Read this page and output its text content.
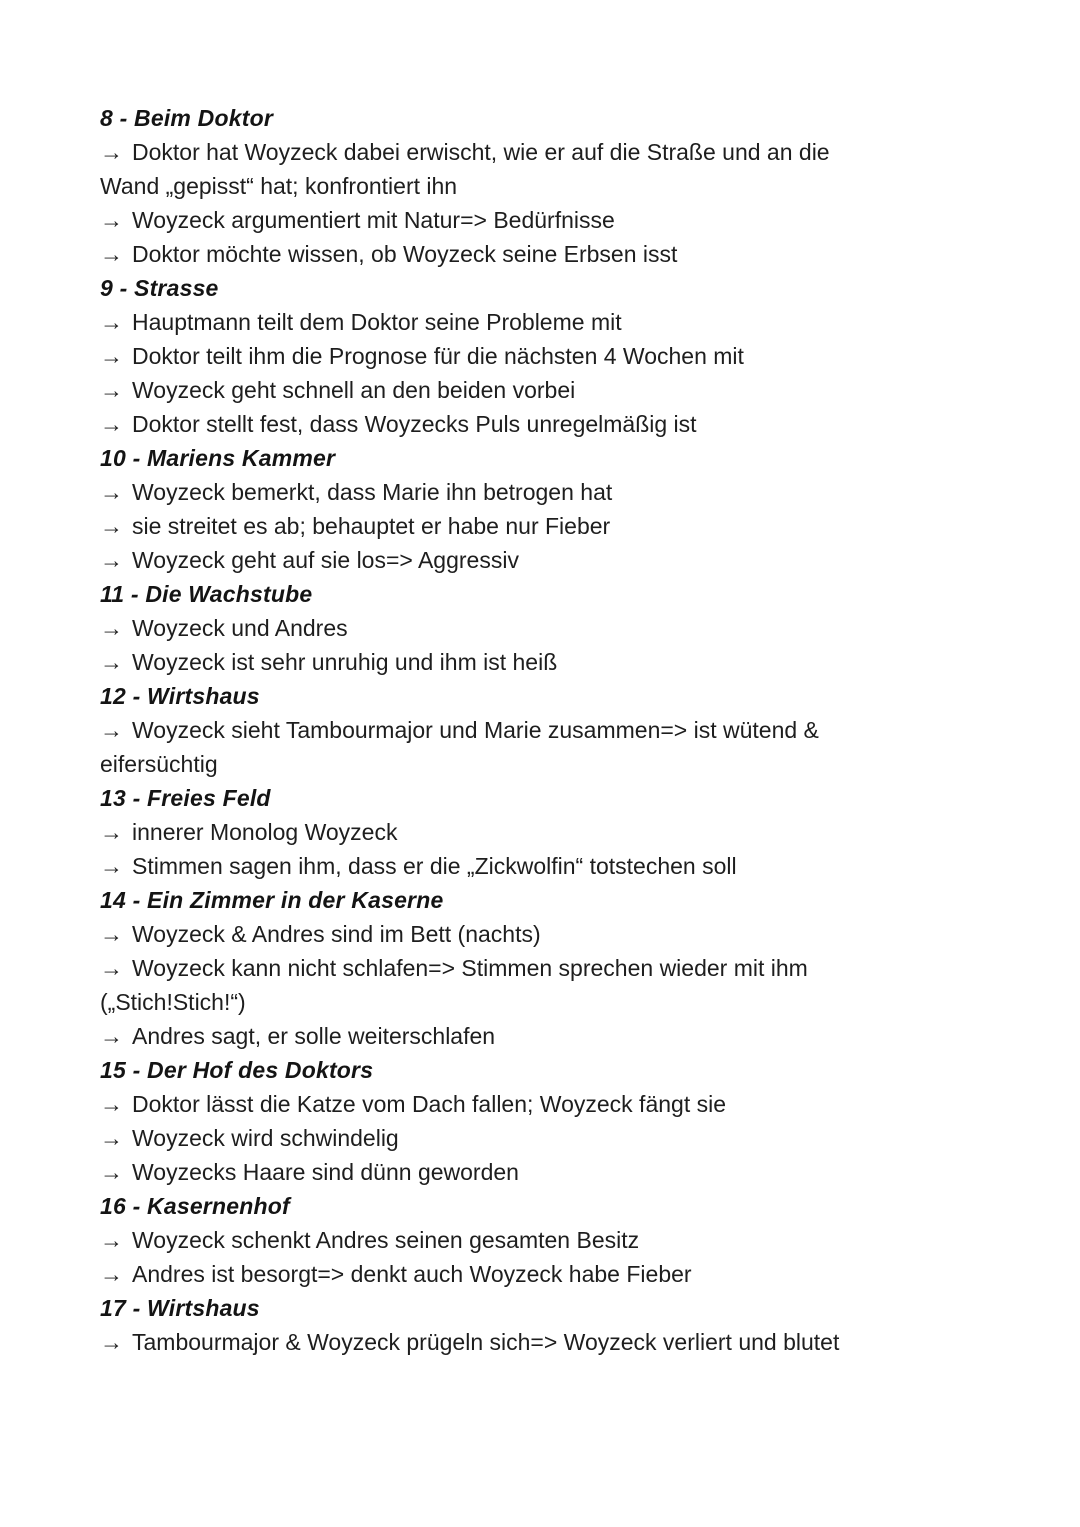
8 - Beim Doktor
→ Doktor hat Woyzeck dabei erwischt, wie er auf die Straße und an die
Wand „gepisst“ hat; konfrontiert ihn
→ Woyzeck argumentiert mit Natur=> Bedürfnisse
→ Doktor möchte wissen, ob Woyzeck seine Erbsen isst
9 - Strasse
→ Hauptmann teilt dem Doktor seine Probleme mit
→ Doktor teilt ihm die Prognose für die nächsten 4 Wochen mit
→ Woyzeck geht schnell an den beiden vorbei
→ Doktor stellt fest, dass Woyzecks Puls unregelmäßig ist
10 - Mariens Kammer
→ Woyzeck bemerkt, dass Marie ihn betrogen hat
→ sie streitet es ab; behauptet er habe nur Fieber
→ Woyzeck geht auf sie los=> Aggressiv
11 - Die Wachstube
→ Woyzeck und Andres
→ Woyzeck ist sehr unruhig und ihm ist heiß
12 - Wirtshaus
→ Woyzeck sieht Tambourmajor und Marie zusammen=> ist wütend &
eifersüchtig
13 - Freies Feld
→ innerer Monolog Woyzeck
→ Stimmen sagen ihm, dass er die „Zickwolfin“ totstechen soll
14 - Ein Zimmer in der Kaserne
→ Woyzeck & Andres sind im Bett (nachts)
→ Woyzeck kann nicht schlafen=> Stimmen sprechen wieder mit ihm
(„Stich!Stich!“)
→ Andres sagt, er solle weiterschlafen
15 - Der Hof des Doktors
→ Doktor lässt die Katze vom Dach fallen; Woyzeck fängt sie
→ Woyzeck wird schwindelig
→ Woyzecks Haare sind dünn geworden
16 - Kasernenhof
→ Woyzeck schenkt Andres seinen gesamten Besitz
→ Andres ist besorgt=> denkt auch Woyzeck habe Fieber
17 - Wirtshaus
→ Tambourmajor & Woyzeck prügeln sich=> Woyzeck verliert und blutet
